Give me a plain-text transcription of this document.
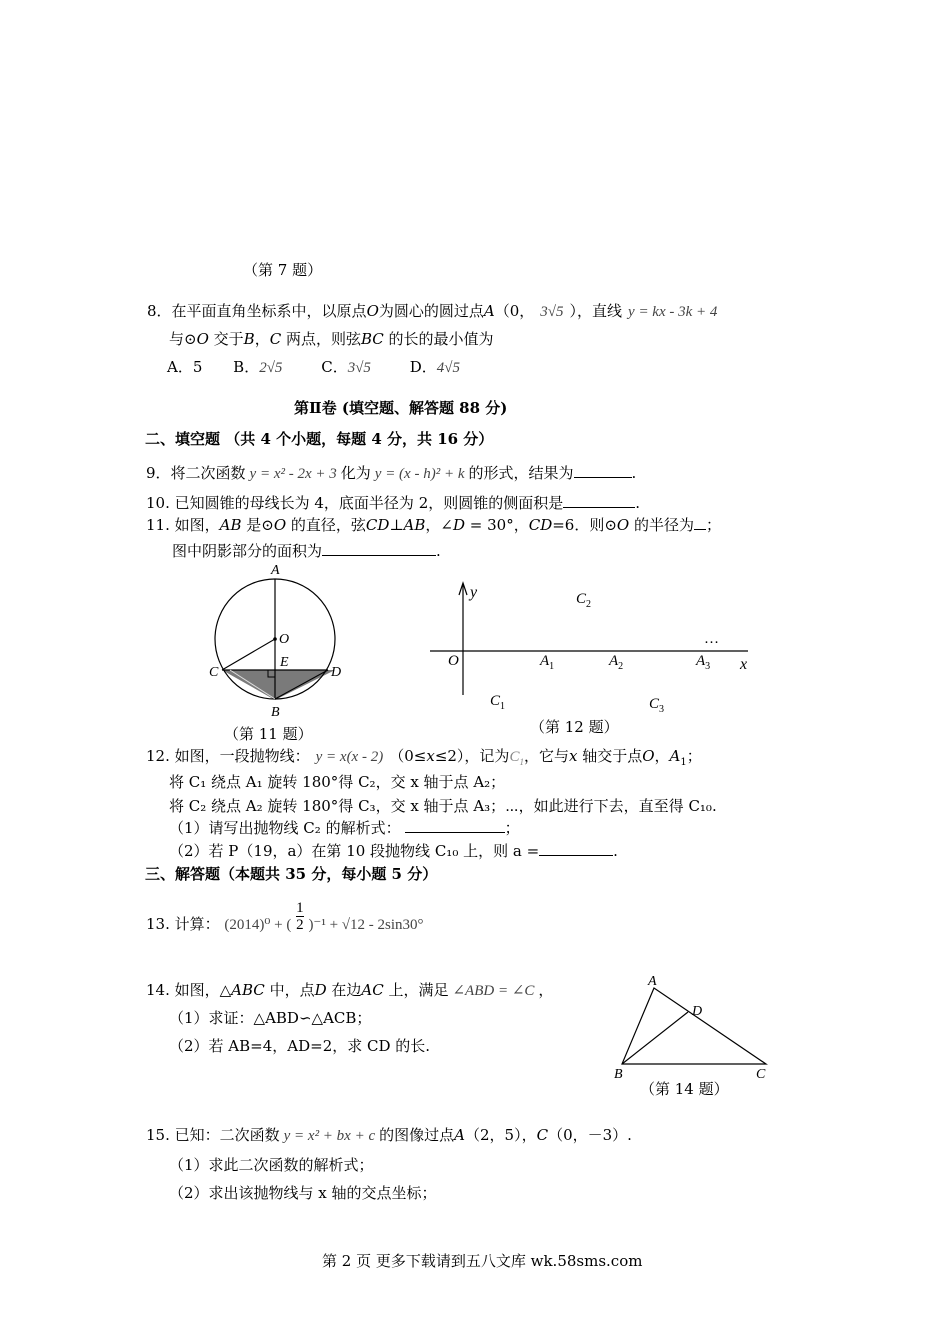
（第 7 题）
8．在平面直角坐标系中，以原点O为圆心的圆过点A（0， 3√5 ），直线 y = kx - 3k + 4
与⊙O 交于B，C 两点，则弦BC 的长的最小值为
A．5 B．2√5	C．3√5	D．4√5
第Ⅱ卷 (填空题、解答题 88 分)
二、填空题 （共 4 个小题，每题 4 分，共 16 分）
9．将二次函数 y = x² - 2x + 3 化为 y = (x - h)² + k 的形式，结果为	.
10. 已知圆锥的母线长为 4，底面半径为 2，则圆锥的侧面积是	.
11. 如图，AB 是⊙O 的直径，弦CD⊥AB，∠D = 30°，CD=6．则⊙O 的半径为 ；
图中阴影部分的面积为	.
A
O
C
E
D
B
（第 11 题）
y
x
O
$C_2$
…
$A_1$	$A_2$	$A_3$
$C_1$	$C_3$
（第 12 题）
12. 如图，一段抛物线： y = x(x - 2) （0≤x≤2），记为$C_1$，它与x 轴交于点O，$A_1$；
将 C₁ 绕点 A₁ 旋转 180°得 C₂，交 x 轴于点 A₂；
将 C₂ 绕点 A₂ 旋转 180°得 C₃，交 x 轴于点 A₃；⋯，如此进行下去，直至得 C₁₀.
（1）请写出抛物线 C₂ 的解析式：	；
（2）若 P（19，a）在第 10 段抛物线 C₁₀ 上，则 a =	.
三、解答题（本题共 35 分，每小题 5 分）
13. 计算： (2014)⁰ + ( $\frac{1}{2} )^{-1} + √12 - 2\sin 30^\circ$
14. 如图，△ABC 中，点D 在边AC 上，满足 ∠ABD = ∠C ，
（1）求证：△ABD∽△ACB；
（2）若 AB=4，AD=2，求 CD 的长.
A
D
B	C
（第 14 题）
15. 已知：二次函数 y = x² + bx + c 的图像过点A（2，5），C（0，－3）.
（1）求此二次函数的解析式；
（2）求出该抛物线与 x 轴的交点坐标；
第 2 页 更多下载请到五八文库 wk.58sms.com
